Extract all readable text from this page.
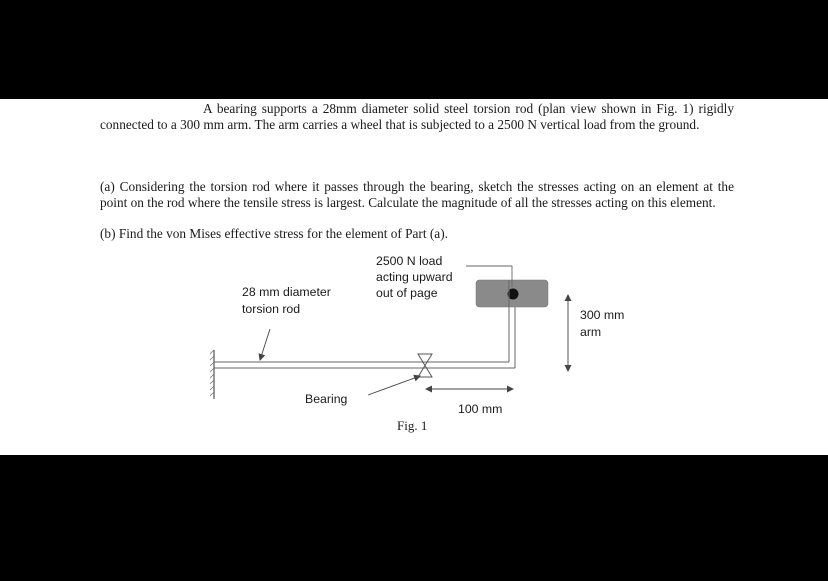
A bearing supports a 28mm diameter solid steel torsion rod (plan view shown in Fig. 1) rigidly connected to a 300 mm arm. The arm carries a wheel that is subjected to a 2500 N vertical load from the ground.

(a) Considering the torsion rod where it passes through the bearing, sketch the stresses acting on an element at the point on the rod where the tensile stress is largest. Calculate the magnitude of all the stresses acting on this element.

(b) Find the von Mises effective stress for the element of Part (a).

2500 N load acting upward out of page
28 mm diameter torsion rod	300 mm arm
Bearing
100 mm
Fig. 1
